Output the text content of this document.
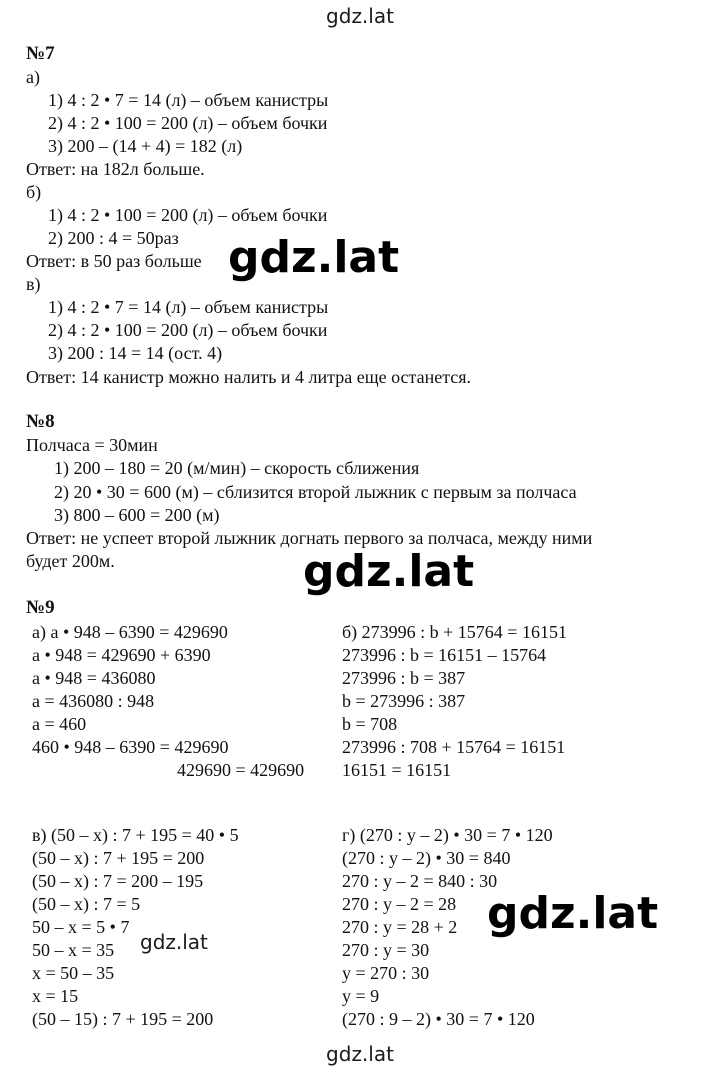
gdz.lat
gdz.lat
gdz.lat
gdz.lat
gdz.lat
gdz.lat
№7
а)
1) 4 : 2 • 7 = 14 (л) – объем канистры
2) 4 : 2 • 100 = 200 (л) – объем бочки
3) 200 – (14 + 4) = 182 (л)
Ответ: на 182л больше.
б)
1) 4 : 2 • 100 = 200 (л) – объем бочки
2) 200 : 4 = 50раз
Ответ: в 50 раз больше
в)
1) 4 : 2 • 7 = 14 (л) – объем канистры
2) 4 : 2 • 100 = 200 (л) – объем бочки
3) 200 : 14 = 14 (ост. 4)
Ответ: 14 канистр можно налить и 4 литра еще останется.
№8
Полчаса = 30мин
1) 200 – 180 = 20 (м/мин) – скорость сближения
2) 20 • 30 = 600 (м) – сблизится второй лыжник с первым за полчаса
3) 800 – 600 = 200 (м)
Ответ: не успеет второй лыжник догнать первого за полчаса, между ними
будет 200м.
№9
а) a • 948 – 6390 = 429690
a • 948 = 429690 + 6390
a • 948 = 436080
a = 436080 : 948
a = 460
460 • 948 – 6390 = 429690
429690 = 429690
б) 273996 : b + 15764 = 16151
273996 : b = 16151 – 15764
273996 : b = 387
b = 273996 : 387
b = 708
273996 : 708 + 15764 = 16151
16151 = 16151
в) (50 – x) : 7 + 195 = 40 • 5
(50 – x) : 7 + 195 = 200
(50 – x) : 7 = 200 – 195
(50 – x) : 7 = 5
50 – x = 5 • 7
50 – x = 35
x = 50 – 35
x = 15
(50 – 15) : 7 + 195 = 200
г) (270 : y – 2) • 30 = 7 • 120
(270 : y – 2) • 30 = 840
270 : y – 2 = 840 : 30
270 : y – 2 = 28
270 : y = 28 + 2
270 : y = 30
y = 270 : 30
y = 9
(270 : 9 – 2) • 30 = 7 • 120
